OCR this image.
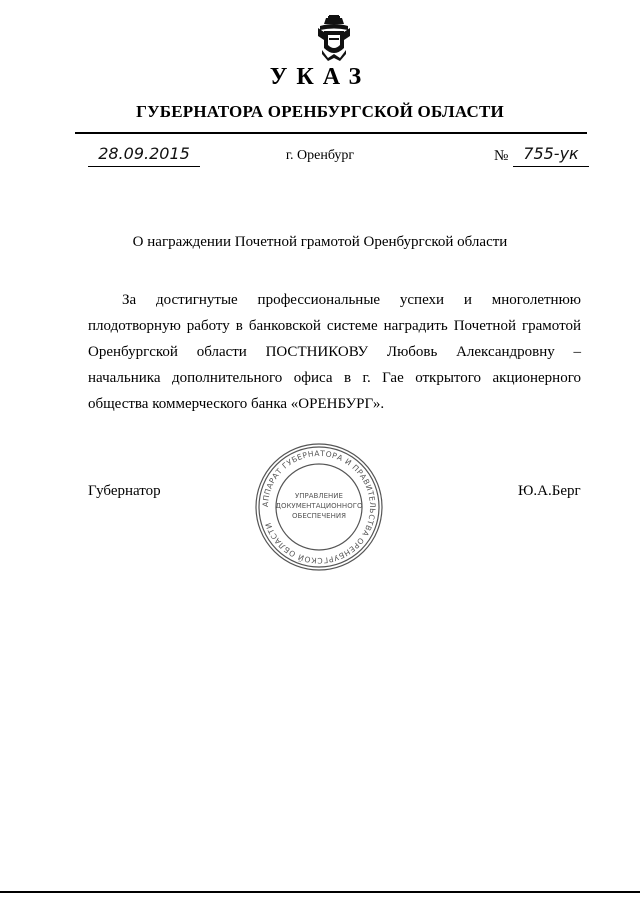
УКАЗ
ГУБЕРНАТОРА ОРЕНБУРГСКОЙ ОБЛАСТИ
28.09.2015	г. Оренбург	№ 755-ук
О награждении Почетной грамотой Оренбургской области

За достигнутые профессиональные успехи и многолетнюю плодотворную работу в банковской системе наградить Почетной грамотой Оренбургской области ПОСТНИКОВУ Любовь Александровну – начальника дополнительного офиса в г. Гае открытого акционерного общества коммерческого банка «ОРЕНБУРГ».

Губернатор	Ю.А.Берг
АППАРАТ ГУБЕРНАТОРА И ПРАВИТЕЛЬСТВА ОРЕНБУРГСКОЙ ОБЛАСТИ
УПРАВЛЕНИЕ
ДОКУМЕНТАЦИОННОГО
ОБЕСПЕЧЕНИЯ
